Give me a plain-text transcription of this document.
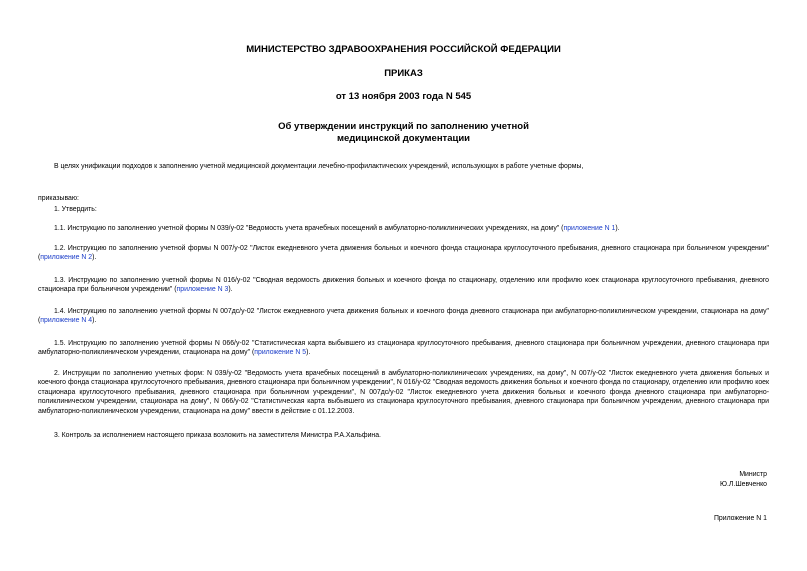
МИНИСТЕРСТВО ЗДРАВООХРАНЕНИЯ РОССИЙСКОЙ ФЕДЕРАЦИИ
ПРИКАЗ
от 13 ноября 2003 года N 545
Об утверждении инструкций по заполнению учетной
медицинской документации
В целях унификации подходов к заполнению учетной медицинской документации лечебно-профилактических учреждений, использующих в работе учетные формы,
приказываю:
1. Утвердить:
1.1. Инструкцию по заполнению учетной формы N 039/у-02 "Ведомость учета врачебных посещений в амбулаторно-поликлинических учреждениях, на дому" (приложение N 1).
1.2. Инструкцию по заполнению учетной формы N 007/у-02 "Листок ежедневного учета движения больных и коечного фонда стационара круглосуточного пребывания, дневного стационара при больничном учреждении" (приложение N 2).
1.3. Инструкцию по заполнению учетной формы N 016/у-02 "Сводная ведомость движения больных и коечного фонда по стационару, отделению или профилю коек стационара круглосуточного пребывания, дневного стационара при больничном учреждении" (приложение N 3).
1.4. Инструкцию по заполнению учетной формы N 007дс/у-02 "Листок ежедневного учета движения больных и коечного фонда дневного стационара при амбулаторно-поликлиническом учреждении, стационара на дому" (приложение N 4).
1.5. Инструкцию по заполнению учетной формы N 066/у-02 "Статистическая карта выбывшего из стационара круглосуточного пребывания, дневного стационара при больничном учреждении, дневного стационара при амбулаторно-поликлиническом учреждении, стационара на дому" (приложение N 5).
2. Инструкции по заполнению учетных форм: N 039/у-02 "Ведомость учета врачебных посещений в амбулаторно-поликлинических учреждениях, на дому", N 007/у-02 "Листок ежедневного учета движения больных и коечного фонда стационара круглосуточного пребывания, дневного стационара при больничном учреждении", N 016/у-02 "Сводная ведомость движения больных и коечного фонда по стационару, отделению или профилю коек стационара круглосуточного пребывания, дневного стационара при больничном учреждении", N 007дс/у-02 "Листок ежедневного учета движения больных и коечного фонда дневного стационара при амбулаторно-поликлиническом учреждении, стационара на дому", N 066/у-02 "Статистическая карта выбывшего из стационара круглосуточного пребывания, дневного стационара при больничном учреждении, дневного стационара при амбулаторно-поликлиническом учреждении, стационара на дому" ввести в действие с 01.12.2003.
3. Контроль за исполнением настоящего приказа возложить на заместителя Министра Р.А.Хальфина.
Министр
Ю.Л.Шевченко
Приложение N 1
